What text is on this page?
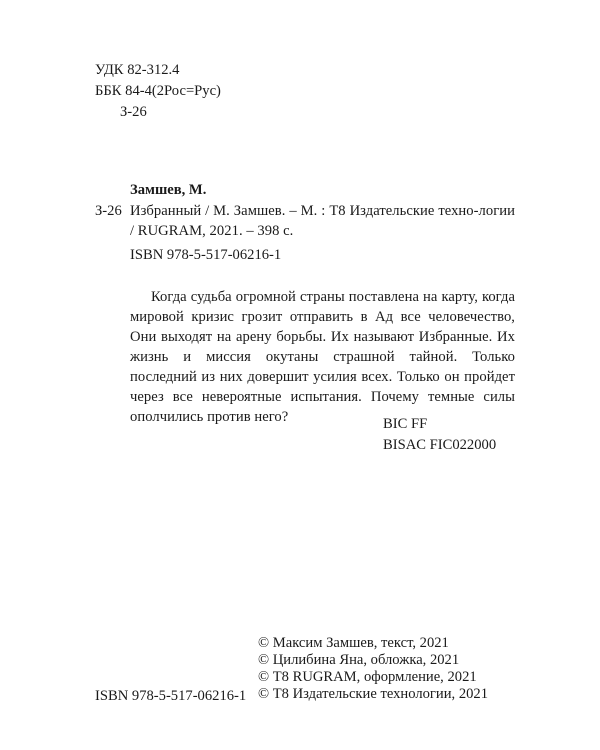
УДК 82-312.4
ББК 84-4(2Рос=Рус)
З-26
Замшев, М.
З-26 Избранный / М. Замшев. – М. : Т8 Издательские техно-логии / RUGRAM, 2021. – 398 с.
ISBN 978-5-517-06216-1

Когда судьба огромной страны поставлена на карту, когда мировой кризис грозит отправить в Ад все человечество, Они выходят на арену борьбы. Их называют Избранные. Их жизнь и миссия окутаны страшной тайной. Только последний из них довершит усилия всех. Только он пройдет через все невероятные испытания. Почему темные силы ополчились против него?	BIC FF
BISAC FIC022000
© Максим Замшев, текст, 2021
© Цилибина Яна, обложка, 2021
© Т8 RUGRAM, оформление, 2021
© Т8 Издательские технологии, 2021
ISBN 978-5-517-06216-1
